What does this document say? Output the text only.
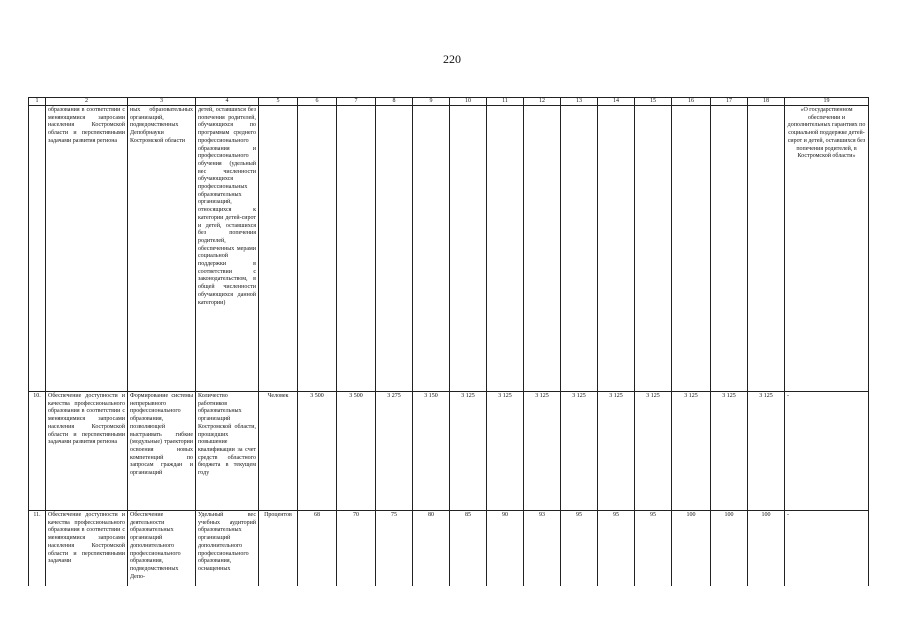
220
1	2	3	4	5	6	7	8	9	10	11	12	13	14	15	16	17	18	19
	образования в соответствии с меняющимися запросами населения Костромской области и перспективными задачами развития региона	ных образовательных организаций, подведомственных Депобрнауки Костромской области	детей, оставшихся без попечения родителей, обучающихся по программам среднего профессионального образования и профессионального обучения (удельный вес численности обучающихся профессиональных образовательных организаций, относящихся к категории детей-сирот и детей, оставшихся без попечения родителей, обеспеченных мерами социальной поддержки в соответствии с законодательством, в общей численности обучающихся данной категории)															«О государственном обеспечении и дополнительных гарантиях по социальной поддержке детей-сирот и детей, оставшихся без попечения родителей, в Костромской области»
10.	Обеспечение доступности и качества профессионального образования в соответствии с меняющимися запросами населения Костромской области и перспективными задачами развития региона	Формирование системы непрерывного профессионального образования, позволяющей выстраивать гибкие (модульные) траектории освоения новых компетенций по запросам граждан и организаций	Количество работников образовательных организаций Костромской области, прошедших повышение квалификации за счет средств областного бюджета в текущем году	Человек	3 500	3 500	3 275	3 150	3 125	3 125	3 125	3 125	3 125	3 125	3 125	3 125	3 125	-
11.	Обеспечение доступности и качества профессионального образования в соответствии с меняющимися запросами населения Костромской области и перспективными задачами	Обеспечение деятельности образовательных организаций дополнительного профессионального образования, подведомственных Депо-	Удельный вес учебных аудиторий образовательных организаций дополнительного профессионального образования, оснащенных	Процентов	68	70	75	80	85	90	93	95	95	95	100	100	100	-
